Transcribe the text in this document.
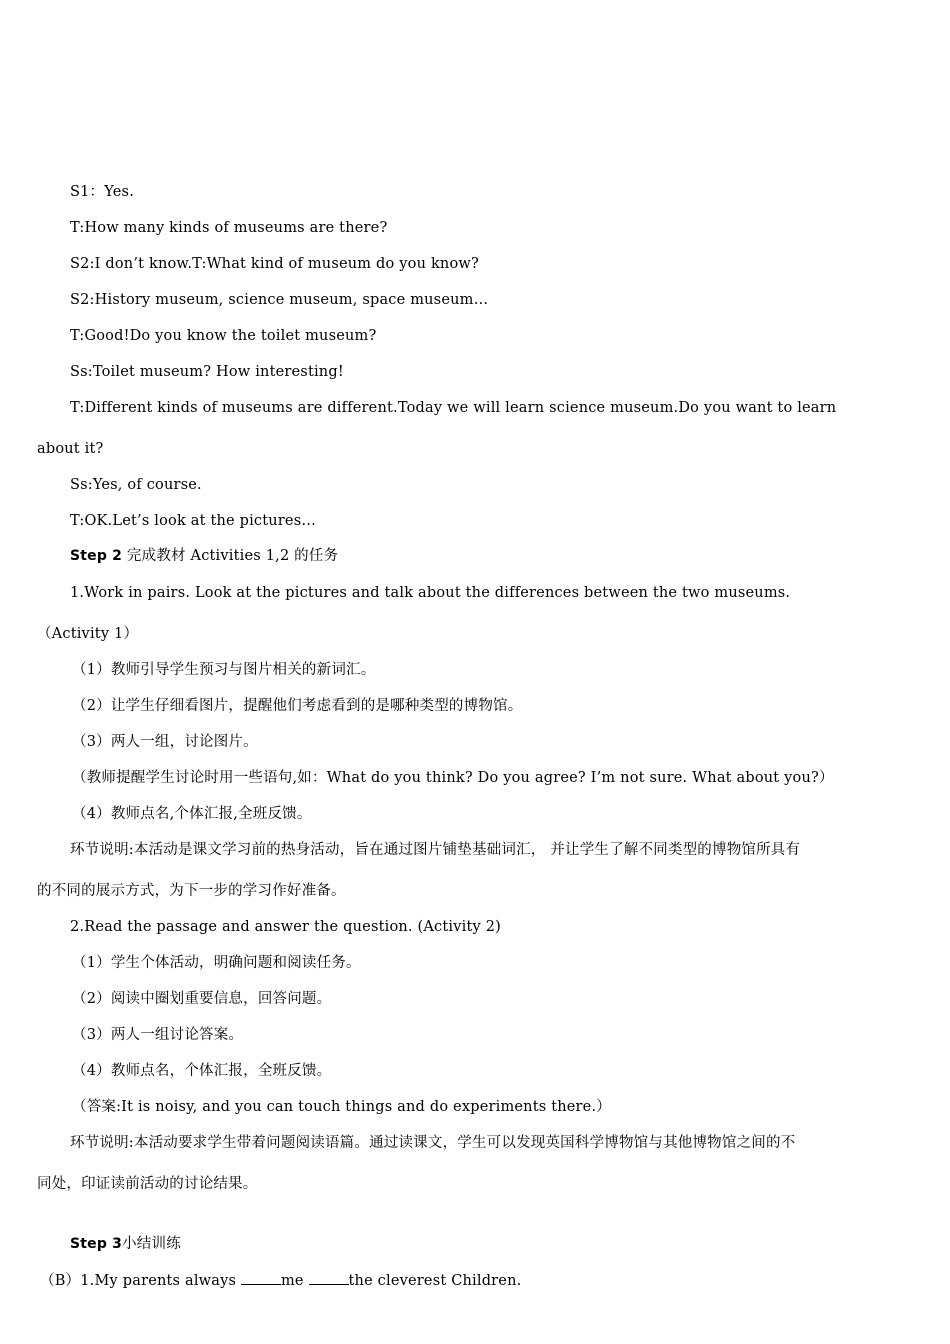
S1：Yes.
T:How many kinds of museums are there?
S2:I don’t know.T:What kind of museum do you know?
S2:History museum, science museum, space museum…
T:Good!Do you know the toilet museum?
Ss:Toilet museum? How interesting!
T:Different kinds of museums are different.Today we will learn science museum.Do you want to learn
about it?
Ss:Yes, of course.
T:OK.Let’s look at the pictures…
Step 2 完成教材 Activities 1,2 的任务
1.Work in pairs. Look at the pictures and talk about the differences between the two museums.
（Activity 1）
（1）教师引导学生预习与图片相关的新词汇。
（2）让学生仔细看图片，提醒他们考虑看到的是哪种类型的博物馆。
（3）两人一组，讨论图片。
（教师提醒学生讨论时用一些语句,如：What do you think? Do you agree? I’m not sure. What about you?）
（4）教师点名,个体汇报,全班反馈。
环节说明:本活动是课文学习前的热身活动，旨在通过图片铺垫基础词汇， 并让学生了解不同类型的博物馆所具有
的不同的展示方式，为下一步的学习作好准备。
2.Read the passage and answer the question. (Activity 2)
（1）学生个体活动，明确问题和阅读任务。
（2）阅读中圈划重要信息，回答问题。
（3）两人一组讨论答案。
（4）教师点名，个体汇报，全班反馈。
（答案:It is noisy, and you can touch things and do experiments there.）
环节说明:本活动要求学生带着问题阅读语篇。通过读课文，学生可以发现英国科学博物馆与其他博物馆之间的不
同处，印证读前活动的讨论结果。
Step 3小结训练
（B）1.My parents always	me	the cleverest Children.
